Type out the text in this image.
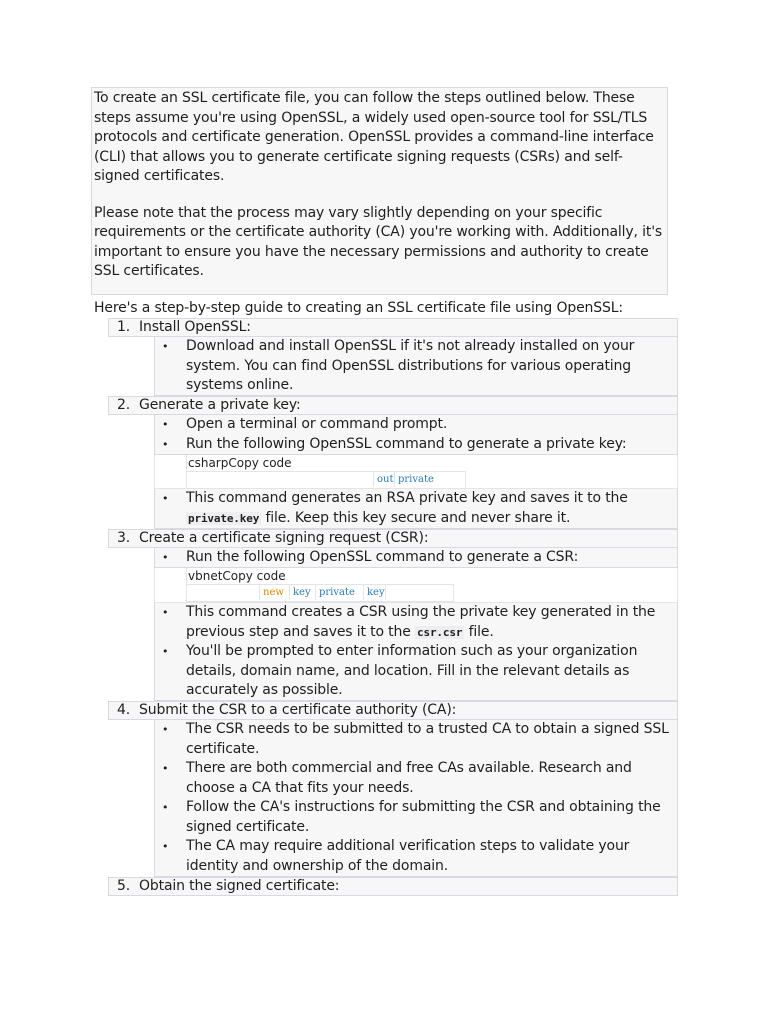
To create an SSL certificate file, you can follow the steps outlined below. These steps assume you're using OpenSSL, a widely used open-source tool for SSL/TLS protocols and certificate generation. OpenSSL provides a command-line interface (CLI) that allows you to generate certificate signing requests (CSRs) and self-signed certificates.

Please note that the process may vary slightly depending on your specific requirements or the certificate authority (CA) you're working with. Additionally, it's important to ensure you have the necessary permissions and authority to create SSL certificates.

Here's a step-by-step guide to creating an SSL certificate file using OpenSSL:

1. Install OpenSSL:
• Download and install OpenSSL if it's not already installed on your system. You can find OpenSSL distributions for various operating systems online.
2. Generate a private key:
• Open a terminal or command prompt.
• Run the following OpenSSL command to generate a private key:
csharpCopy code
out private
• This command generates an RSA private key and saves it to the private.key file. Keep this key secure and never share it.
3. Create a certificate signing request (CSR):
• Run the following OpenSSL command to generate a CSR:
vbnetCopy code
new key private	key
• This command creates a CSR using the private key generated in the previous step and saves it to the csr.csr file.
• You'll be prompted to enter information such as your organization details, domain name, and location. Fill in the relevant details as accurately as possible.
4. Submit the CSR to a certificate authority (CA):
• The CSR needs to be submitted to a trusted CA to obtain a signed SSL certificate.
• There are both commercial and free CAs available. Research and choose a CA that fits your needs.
• Follow the CA's instructions for submitting the CSR and obtaining the signed certificate.
• The CA may require additional verification steps to validate your identity and ownership of the domain.
5. Obtain the signed certificate:
